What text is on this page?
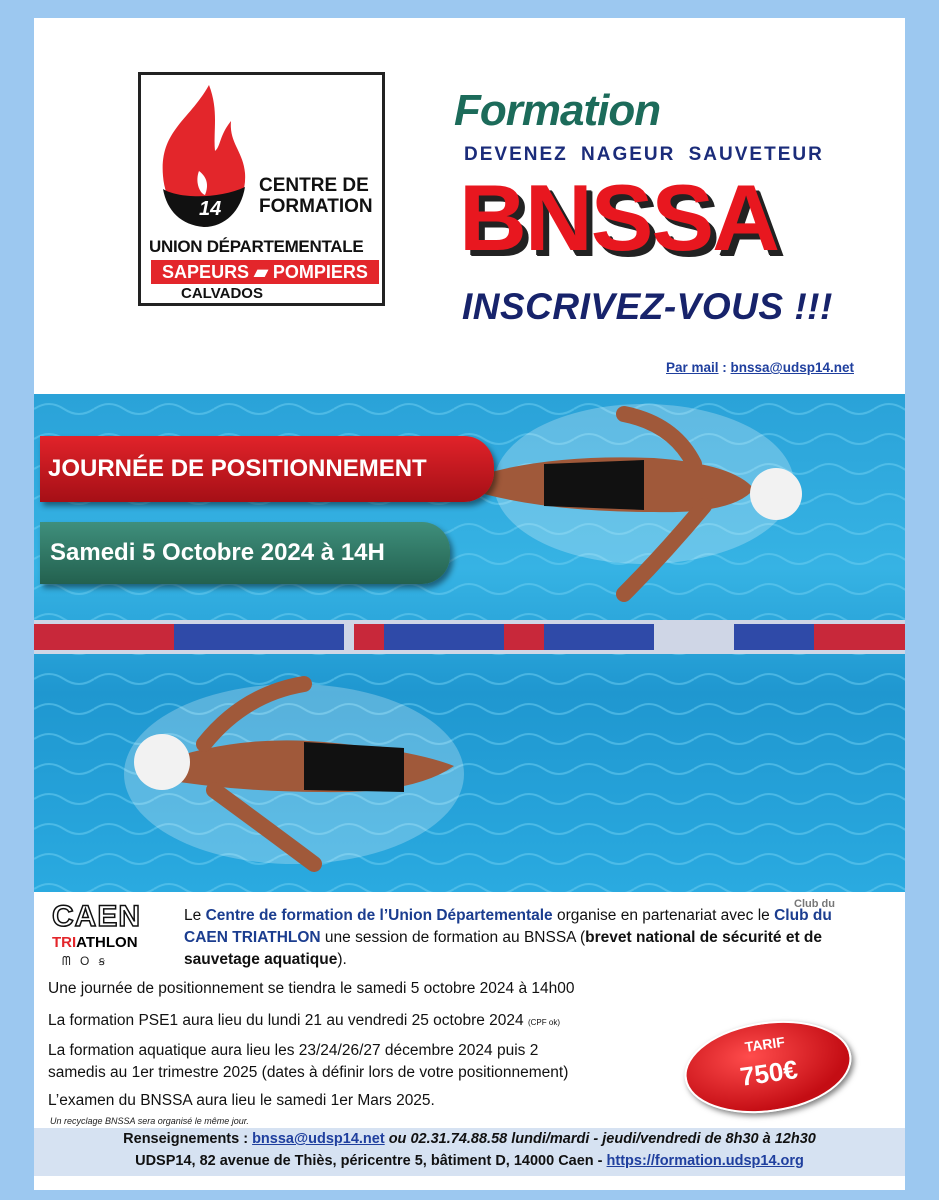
14
CENTRE DE
FORMATION
UNION DÉPARTEMENTALE
SAPEURS ▰ POMPIERS
CALVADOS
Formation
DEVENEZ NAGEUR SAUVETEUR
BNSSA
INSCRIVEZ-VOUS !!!
Par mail : bnssa@udsp14.net
JOURNÉE DE POSITIONNEMENT
Samedi 5 Octobre 2024 à 14H
CAEN
TRIATHLON
ᗰ O ꞩ
Club du
Le Centre de formation de l’Union Départementale organise en partenariat avec le Club du CAEN TRIATHLON une session de formation au BNSSA (brevet national de sécurité et de sauvetage aquatique).
Une journée de positionnement se tiendra le samedi 5 octobre 2024 à 14h00
La formation PSE1 aura lieu du lundi 21 au vendredi 25 octobre 2024 (CPF ok)
La formation aquatique aura lieu les 23/24/26/27 décembre 2024 puis 2
samedis au 1er trimestre 2025 (dates à définir lors de votre positionnement)
L’examen du BNSSA aura lieu le samedi 1er Mars 2025.
Un recyclage BNSSA sera organisé le même jour.
TARIF
750€
Renseignements : bnssa@udsp14.net ou 02.31.74.88.58 lundi/mardi - jeudi/vendredi de 8h30 à 12h30
UDSP14, 82 avenue de Thiès, péricentre 5, bâtiment D, 14000 Caen - https://formation.udsp14.org
